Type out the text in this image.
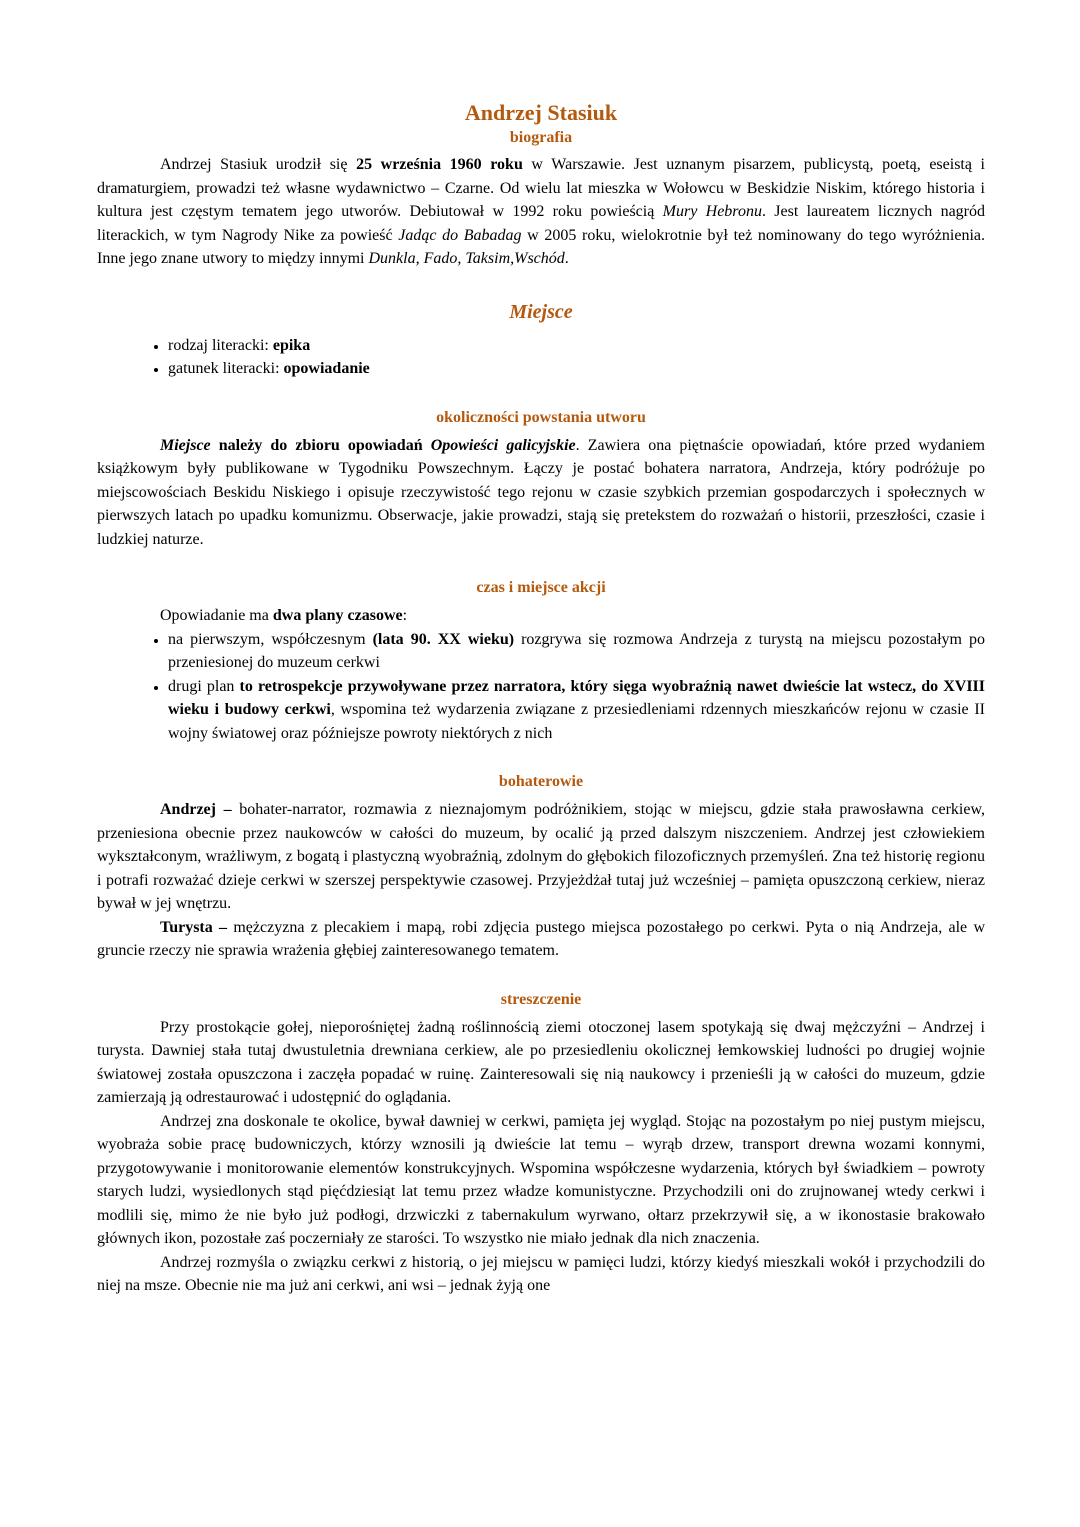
Andrzej Stasiuk
biografia

Andrzej Stasiuk urodził się 25 września 1960 roku w Warszawie. Jest uznanym pisarzem, publicystą, poetą, eseistą i dramaturgiem, prowadzi też własne wydawnictwo – Czarne. Od wielu lat mieszka w Wołowcu w Beskidzie Niskim, którego historia i kultura jest częstym tematem jego utworów. Debiutował w 1992 roku powieścią Mury Hebronu. Jest laureatem licznych nagród literackich, w tym Nagrody Nike za powieść Jadąc do Babadag w 2005 roku, wielokrotnie był też nominowany do tego wyróżnienia. Inne jego znane utwory to między innymi Dunkla, Fado, Taksim,Wschód.

Miejsce
• rodzaj literacki: epika
• gatunek literacki: opowiadanie
okoliczności powstania utworu

Miejsce należy do zbioru opowiadań Opowieści galicyjskie. Zawiera ona piętnaście opowiadań, które przed wydaniem książkowym były publikowane w Tygodniku Powszechnym. Łączy je postać bohatera narratora, Andrzeja, który podróżuje po miejscowościach Beskidu Niskiego i opisuje rzeczywistość tego rejonu w czasie szybkich przemian gospodarczych i społecznych w pierwszych latach po upadku komunizmu. Obserwacje, jakie prowadzi, stają się pretekstem do rozważań o historii, przeszłości, czasie i ludzkiej naturze.

czas i miejsce akcji

Opowiadanie ma dwa plany czasowe:

• na pierwszym, współczesnym (lata 90. XX wieku) rozgrywa się rozmowa Andrzeja z turystą na miejscu pozostałym po przeniesionej do muzeum cerkwi
• drugi plan to retrospekcje przywoływane przez narratora, który sięga wyobraźnią nawet dwieście lat wstecz, do XVIII wieku i budowy cerkwi, wspomina też wydarzenia związane z przesiedleniami rdzennych mieszkańców rejonu w czasie II wojny światowej oraz późniejsze powroty niektórych z nich
bohaterowie

Andrzej – bohater-narrator, rozmawia z nieznajomym podróżnikiem, stojąc w miejscu, gdzie stała prawosławna cerkiew, przeniesiona obecnie przez naukowców w całości do muzeum, by ocalić ją przed dalszym niszczeniem. Andrzej jest człowiekiem wykształconym, wrażliwym, z bogatą i plastyczną wyobraźnią, zdolnym do głębokich filozoficznych przemyśleń. Zna też historię regionu i potrafi rozważać dzieje cerkwi w szerszej perspektywie czasowej. Przyjeżdżał tutaj już wcześniej – pamięta opuszczoną cerkiew, nieraz bywał w jej wnętrzu.

Turysta – mężczyzna z plecakiem i mapą, robi zdjęcia pustego miejsca pozostałego po cerkwi. Pyta o nią Andrzeja, ale w gruncie rzeczy nie sprawia wrażenia głębiej zainteresowanego tematem.

streszczenie

Przy prostokącie gołej, nieporośniętej żadną roślinnością ziemi otoczonej lasem spotykają się dwaj mężczyźni – Andrzej i turysta. Dawniej stała tutaj dwustuletnia drewniana cerkiew, ale po przesiedleniu okolicznej łemkowskiej ludności po drugiej wojnie światowej została opuszczona i zaczęła popadać w ruinę. Zainteresowali się nią naukowcy i przenieśli ją w całości do muzeum, gdzie zamierzają ją odrestaurować i udostępnić do oglądania.

Andrzej zna doskonale te okolice, bywał dawniej w cerkwi, pamięta jej wygląd. Stojąc na pozostałym po niej pustym miejscu, wyobraża sobie pracę budowniczych, którzy wznosili ją dwieście lat temu – wyrąb drzew, transport drewna wozami konnymi, przygotowywanie i monitorowanie elementów konstrukcyjnych. Wspomina współczesne wydarzenia, których był świadkiem – powroty starych ludzi, wysiedlonych stąd pięćdziesiąt lat temu przez władze komunistyczne. Przychodzili oni do zrujnowanej wtedy cerkwi i modlili się, mimo że nie było już podłogi, drzwiczki z tabernakulum wyrwano, ołtarz przekrzywił się, a w ikonostasie brakowało głównych ikon, pozostałe zaś poczerniały ze starości. To wszystko nie miało jednak dla nich znaczenia.

Andrzej rozmyśla o związku cerkwi z historią, o jej miejscu w pamięci ludzi, którzy kiedyś mieszkali wokół i przychodzili do niej na msze. Obecnie nie ma już ani cerkwi, ani wsi – jednak żyją one
